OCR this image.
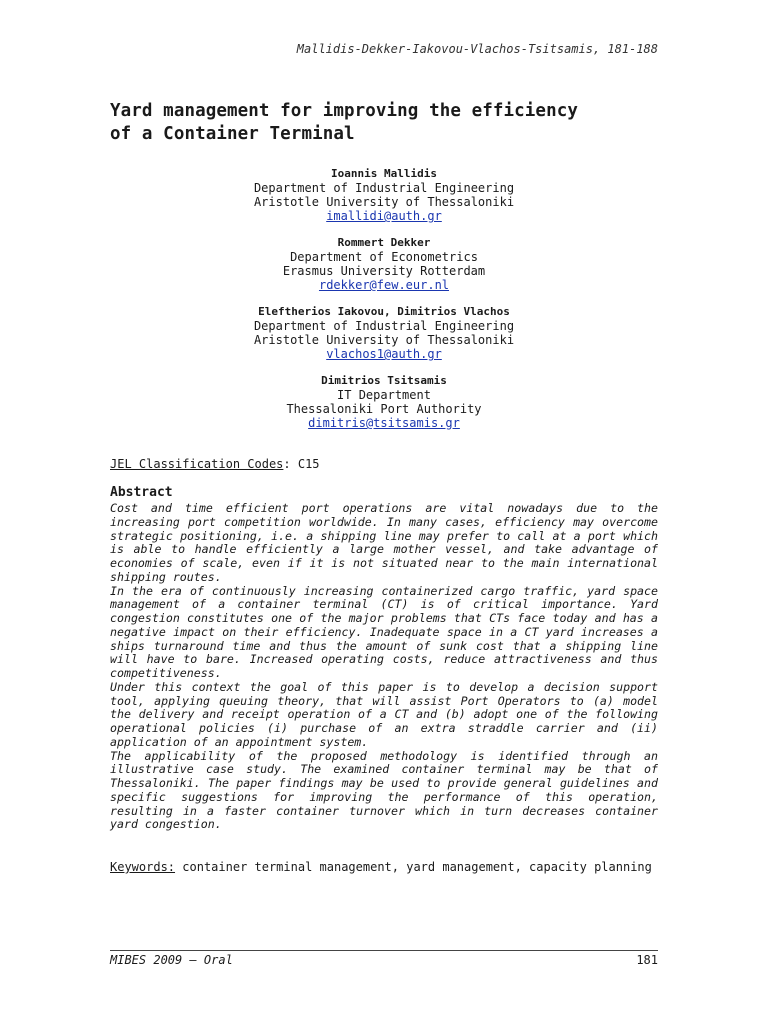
Mallidis-Dekker-Iakovou-Vlachos-Tsitsamis, 181-188
Yard management for improving the efficiency
of a Container Terminal
Ioannis Mallidis
Department of Industrial Engineering
Aristotle University of Thessaloniki
imallidi@auth.gr
Rommert Dekker
Department of Econometrics
Erasmus University Rotterdam
rdekker@few.eur.nl
Eleftherios Iakovou, Dimitrios Vlachos
Department of Industrial Engineering
Aristotle University of Thessaloniki
vlachos1@auth.gr
Dimitrios Tsitsamis
IT Department
Thessaloniki Port Authority
dimitris@tsitsamis.gr
JEL Classification Codes: C15
Abstract

Cost and time efficient port operations are vital nowadays due to the increasing port competition worldwide. In many cases, efficiency may overcome strategic positioning, i.e. a shipping line may prefer to call at a port which is able to handle efficiently a large mother vessel, and take advantage of economies of scale, even if it is not situated near to the main international shipping routes.

In the era of continuously increasing containerized cargo traffic, yard space management of a container terminal (CT) is of critical importance. Yard congestion constitutes one of the major problems that CTs face today and has a negative impact on their efficiency. Inadequate space in a CT yard increases a ships turnaround time and thus the amount of sunk cost that a shipping line will have to bare. Increased operating costs, reduce attractiveness and thus competitiveness.

Under this context the goal of this paper is to develop a decision support tool, applying queuing theory, that will assist Port Operators to (a) model the delivery and receipt operation of a CT and (b) adopt one of the following operational policies (i) purchase of an extra straddle carrier and (ii) application of an appointment system.

The applicability of the proposed methodology is identified through an illustrative case study. The examined container terminal may be that of Thessaloniki. The paper findings may be used to provide general guidelines and specific suggestions for improving the performance of this operation, resulting in a faster container turnover which in turn decreases container yard congestion.

Keywords: container terminal management, yard management, capacity planning
MIBES 2009 – Oral	181
